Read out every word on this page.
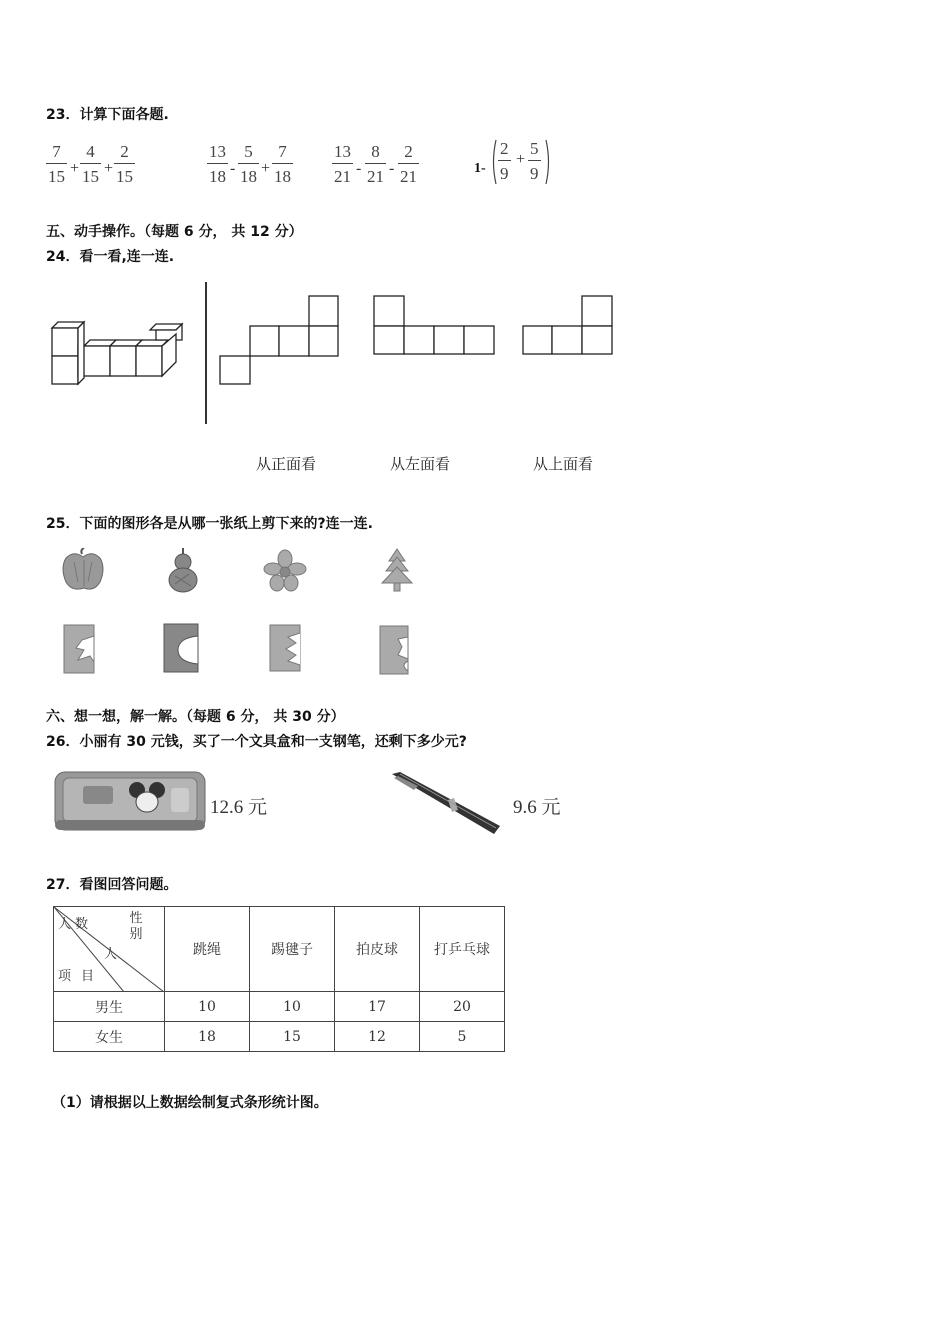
23．计算下面各题.
$\frac{7}{15} + \frac{4}{15} + \frac{2}{15}$	$\frac{13}{18} - \frac{5}{18} + \frac{7}{18} \frac{13}{21} - \frac{8}{21} - \frac{2}{21}$	$1- \frac{2}{9} + \frac{5}{9}$
五、动手操作。（每题 6 分， 共 12 分）
24．看一看,连一连.
从正面看	从左面看	从上面看
25．下面的图形各是从哪一张纸上剪下来的?连一连.
六、想一想，解一解。（每题 6 分， 共 30 分）
26．小丽有 30 元钱，买了一个文具盒和一支钢笔，还剩下多少元?
12.6 元	9.6 元
27．看图回答问题。
性别
人数
人
项目	跳绳	踢毽子	拍皮球	打乒乓球
男生	10	10	17	20
女生	18	15	12	5
（1）请根据以上数据绘制复式条形统计图。
